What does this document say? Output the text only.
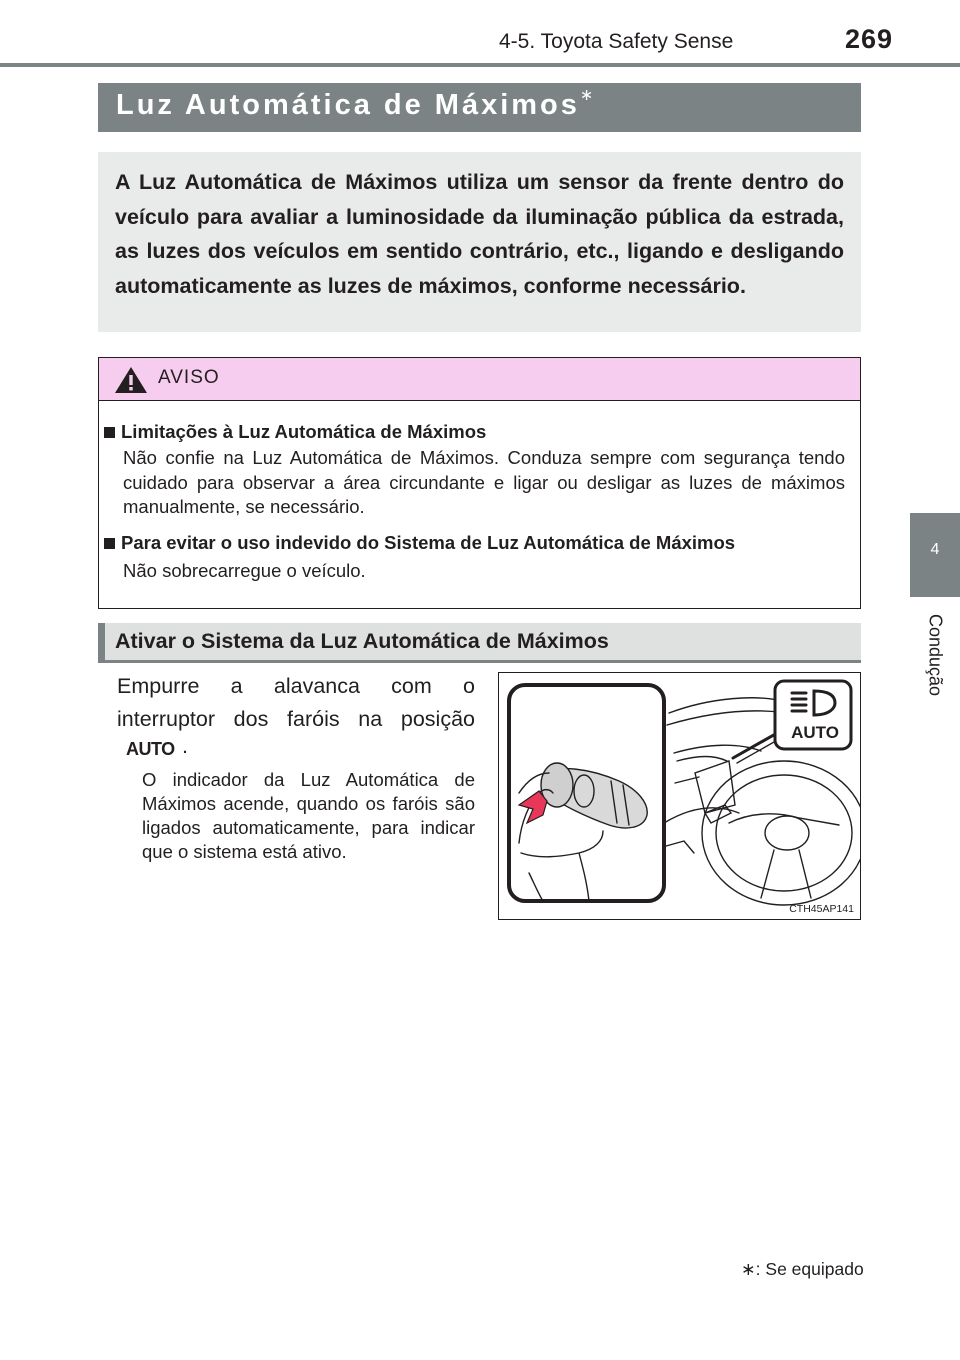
4-5. Toyota Safety Sense	269
4
Condução
Luz Automática de Máximos∗
A Luz Automática de Máximos utiliza um sensor da frente dentro do veículo para avaliar a luminosidade da iluminação pública da estrada, as luzes dos veículos em sentido contrário, etc., ligando e desligando automaticamente as luzes de máximos, conforme necessário.
AVISO
Limitações à Luz Automática de Máximos
Não confie na Luz Automática de Máximos. Conduza sempre com segurança tendo cuidado para observar a área circundante e ligar ou desligar as luzes de máximos manualmente, se necessário.
Para evitar o uso indevido do Sistema de Luz Automática de Máximos
Não sobrecarregue o veículo.
Ativar o Sistema da Luz Automática de Máximos
Empurre a alavanca com o interruptor dos faróis na posição
AUTO .
O indicador da Luz Automática de Máximos acende, quando os faróis são ligados automaticamente, para indicar que o sistema está ativo.
AUTO
CTH45AP141
∗: Se equipado
